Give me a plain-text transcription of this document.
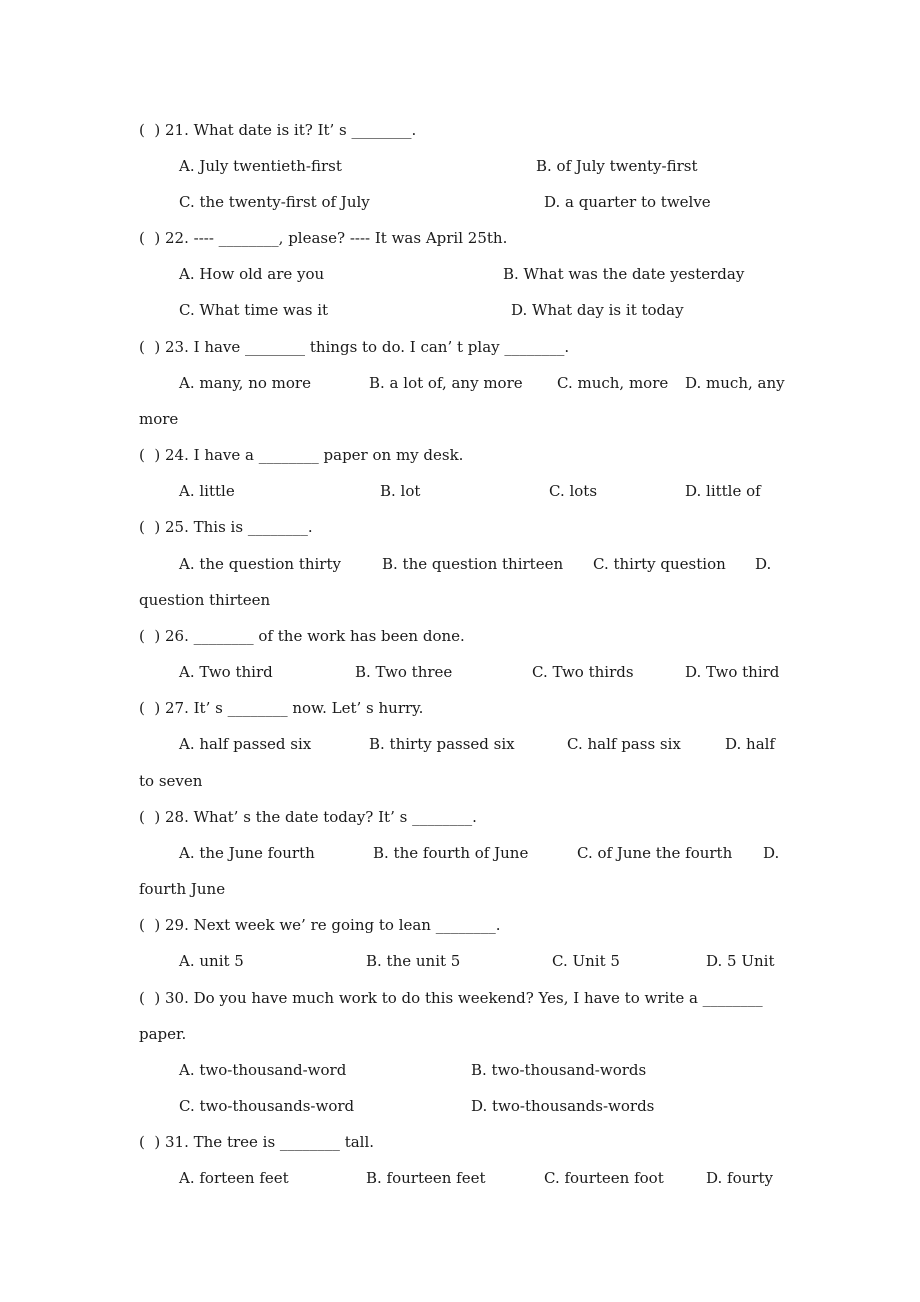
(  ) 21. What date is it? It’ s ________.
A. July twentieth-first	B. of July twenty-first
C. the twenty-first of July	D. a quarter to twelve
(  ) 22. ---- ________, please? ---- It was April 25th.
A. How old are you	B. What was the date yesterday
C. What time was it	D. What day is it today
(  ) 23. I have ________ things to do. I can’ t play ________.
A. many, no more	B. a lot of, any more C. much, more D. much, any
more
(  ) 24. I have a ________ paper on my desk.
A. little	B. lot	C. lots	D. little of
(  ) 25. This is ________.
A. the question thirty	B. the question thirteen C. thirty question D.
question thirteen
(  ) 26. ________ of the work has been done.
A. Two third	B. Two three	C. Two thirds	D. Two third
(  ) 27. It’ s ________ now. Let’ s hurry.
A. half passed six	B. thirty passed six	C. half pass six	D. half
to seven
(  ) 28. What’ s the date today? It’ s ________.
A. the June fourth	B. the fourth of June	C. of June the fourth D.
fourth June
(  ) 29. Next week we’ re going to lean ________.
A. unit 5	B. the unit 5	C. Unit 5	D. 5 Unit
(  ) 30. Do you have much work to do this weekend? Yes, I have to write a ________
paper.
A. two-thousand-word	B. two-thousand-words
C. two-thousands-word	D. two-thousands-words
(  ) 31. The tree is ________ tall.
A. forteen feet	B. fourteen feet	C. fourteen foot	D. fourty
